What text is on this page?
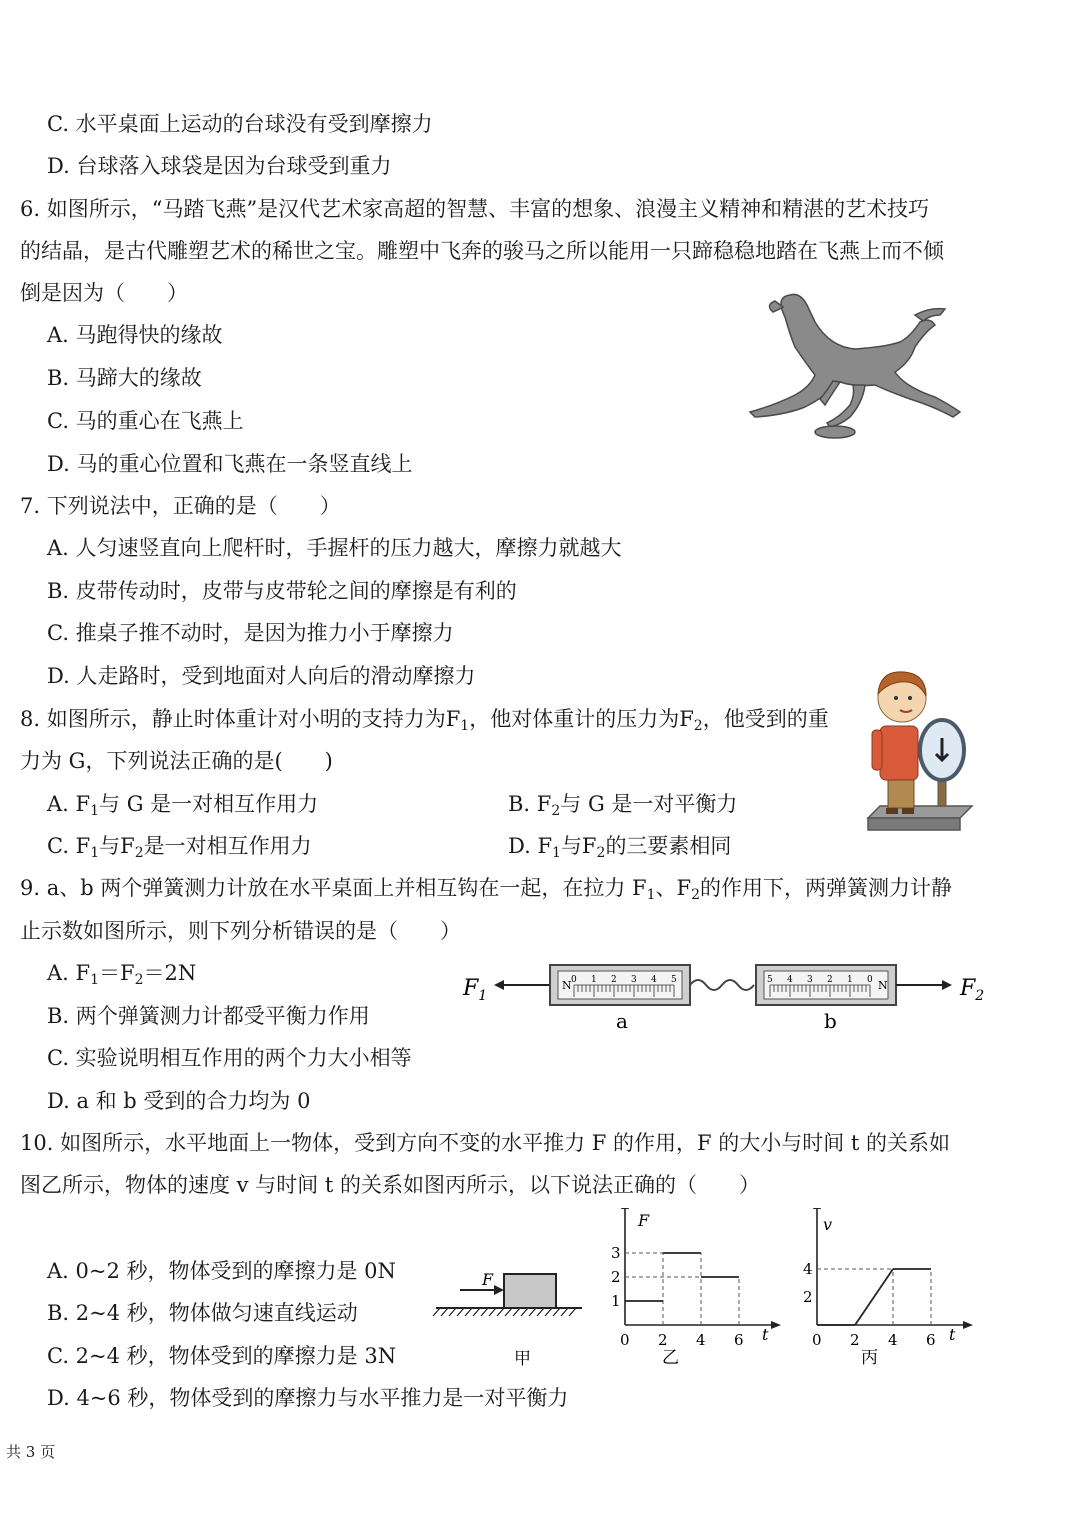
C. 水平桌面上运动的台球没有受到摩擦力
D. 台球落入球袋是因为台球受到重力
6. 如图所示，“马踏飞燕”是汉代艺术家高超的智慧、丰富的想象、浪漫主义精神和精湛的艺术技巧
的结晶，是古代雕塑艺术的稀世之宝。雕塑中飞奔的骏马之所以能用一只蹄稳稳地踏在飞燕上而不倾
倒是因为（　　）
A. 马跑得快的缘故
B. 马蹄大的缘故
C. 马的重心在飞燕上
D. 马的重心位置和飞燕在一条竖直线上
7. 下列说法中，正确的是（　　）
A. 人匀速竖直向上爬杆时，手握杆的压力越大，摩擦力就越大
B. 皮带传动时，皮带与皮带轮之间的摩擦是有利的
C. 推桌子推不动时，是因为推力小于摩擦力
D. 人走路时，受到地面对人向后的滑动摩擦力
8. 如图所示，静止时体重计对小明的支持力为$F_1$，他对体重计的压力为$F_2$，他受到的重
力为 G，下列说法正确的是(　　)
A. $F_1$与 G 是一对相互作用力	B. $F_2$与 G 是一对平衡力
C. $F_1$与$F_2$是一对相互作用力	D. $F_1$与$F_2$的三要素相同
9. a、b 两个弹簧测力计放在水平桌面上并相互钩在一起，在拉力 $F_1$、$F_2$的作用下，两弹簧测力计静
止示数如图所示，则下列分析错误的是（　　）
A. $F_1=F_2=2N$
B. 两个弹簧测力计都受平衡力作用
C. 实验说明相互作用的两个力大小相等
D. a 和 b 受到的合力均为 0
$F_1$
0 1 2 3 4 5
N	5 4 3 2 1 0 N	$F_2$
a	b
10. 如图所示，水平地面上一物体，受到方向不变的水平推力 F 的作用，F 的大小与时间 t 的关系如
图乙所示，物体的速度 v 与时间 t 的关系如图丙所示，以下说法正确的（　　）
A. 0~2 秒，物体受到的摩擦力是 0N
B. 2~4 秒，物体做匀速直线运动
C. 2~4 秒，物体受到的摩擦力是 3N
D. 4~6 秒，物体受到的摩擦力与水平推力是一对平衡力
F
甲
F
t
乙
0 2 4 6
1
2
3
v
t
丙
0 2 4 6
2
4
共 3 页
